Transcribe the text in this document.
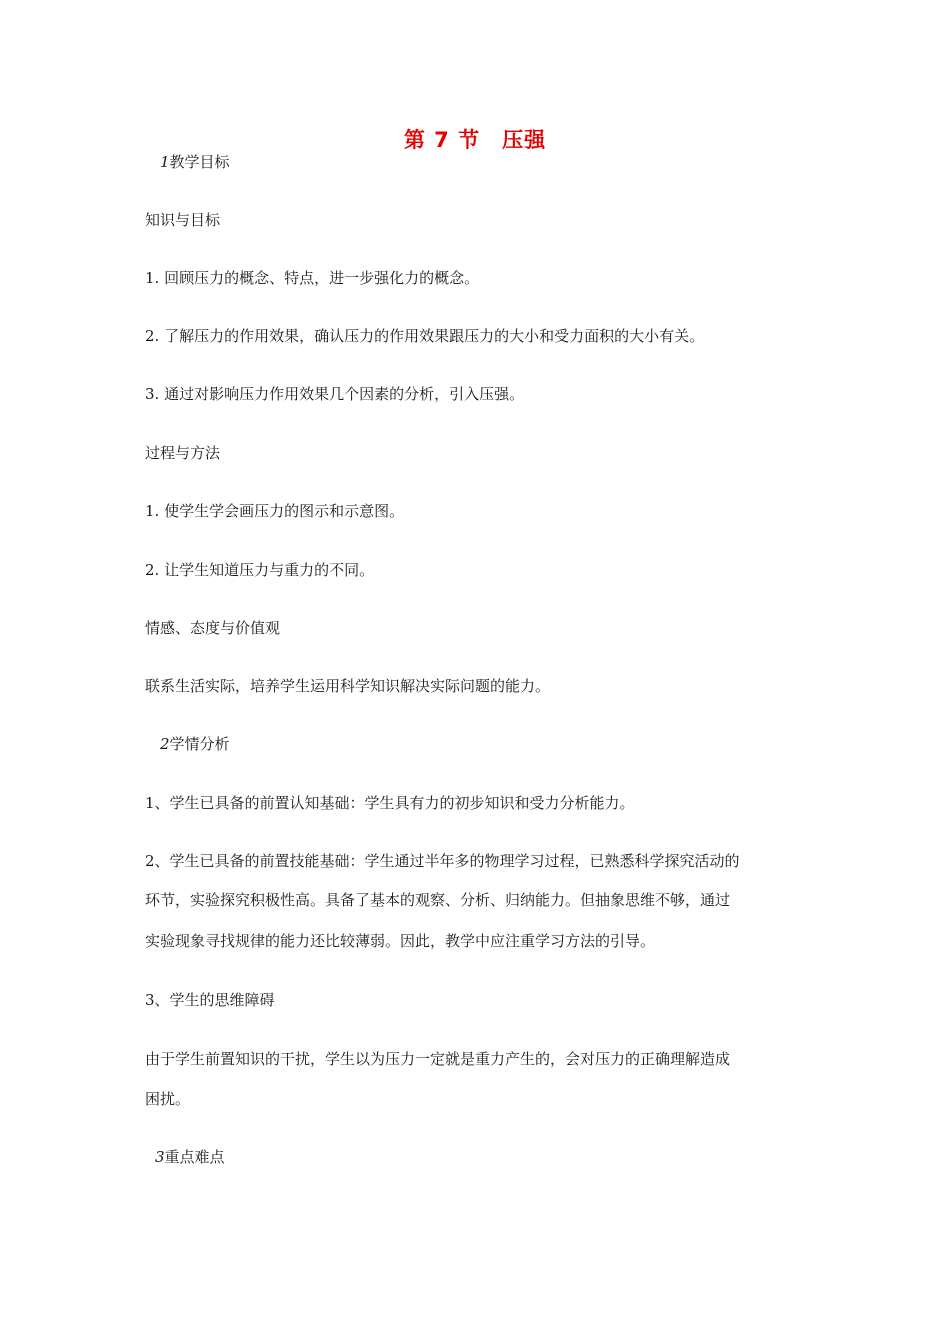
第 7 节　压强
1教学目标
知识与目标
1. 回顾压力的概念、特点，进一步强化力的概念。
2. 了解压力的作用效果，确认压力的作用效果跟压力的大小和受力面积的大小有关。
3. 通过对影响压力作用效果几个因素的分析，引入压强。
过程与方法
1. 使学生学会画压力的图示和示意图。
2. 让学生知道压力与重力的不同。
情感、态度与价值观
联系生活实际，培养学生运用科学知识解决实际问题的能力。
2学情分析
1、学生已具备的前置认知基础：学生具有力的初步知识和受力分析能力。
2、学生已具备的前置技能基础：学生通过半年多的物理学习过程，已熟悉科学探究活动的
环节，实验探究积极性高。具备了基本的观察、分析、归纳能力。但抽象思维不够，通过
实验现象寻找规律的能力还比较薄弱。因此，教学中应注重学习方法的引导。
3、学生的思维障碍
由于学生前置知识的干扰，学生以为压力一定就是重力产生的，会对压力的正确理解造成
困扰。
3重点难点
